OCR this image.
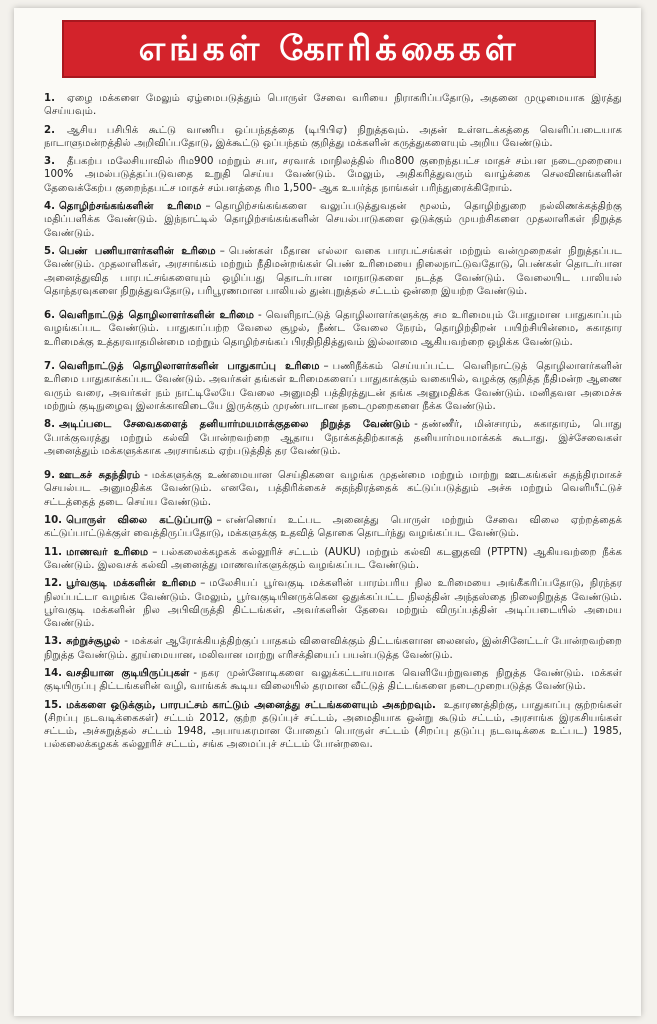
எங்கள் கோரிக்கைகள்
1. ஏழை மக்களை மேலும் ஏழ்மைபடுத்தும் பொருள் சேவை வரியை நிராகரிப்பதோடு, அதனை முழுமையாக இரத்து செய்யவும்.
2. ஆசிய பசிபிக் கூட்டு வாணிப ஒப்பந்தத்தை (டிபிபிஏ) நிறுத்தவும். அதன் உள்ளடக்கத்தை வெளிப்படையாக நாடாளுமன்றத்தில் அறிவிப்பதோடு, இக்கூட்டு ஒப்பந்தம் குறித்து மக்களின் கருத்துகளையும் அறிய வேண்டும்.
3. தீபகற்ப மலேசியாவில் ரிம900 மற்றும் சபா, சரவாக் மாநிலத்தில் ரிம800 குறைந்தபட்ச மாதச் சம்பள நடைமுறையை 100% அமல்படுத்தப்படுவதை உறுதி செய்ய வேண்டும். மேலும், அதிகரித்துவரும் வாழ்க்கை செலவினங்களின் தேவைக்கேற்ப குறைந்தபட்ச மாதச் சம்பளத்தை ரிம 1,500- ஆக உயர்த்த நாங்கள் பரிந்துரைக்கிறோம்.
4. தொழிற்சங்கங்களின் உரிமை – தொழிற்சங்கங்களை வலுப்படுத்துவதன் மூலம், தொழிற்துறை நல்லிணக்கத்திற்கு மதிப்பளிக்க வேண்டும். இந்நாட்டில் தொழிற்சங்கங்களின் செயல்பாடுகளை ஒடுக்கும் முயற்சிகளை முதலாளிகள் நிறுத்த வேண்டும்.
5. பெண் பணியாளர்களின் உரிமை – பெண்கள் மீதான எல்லா வகை பாரபட்சங்கள் மற்றும் வன்முறைகள் நிறுத்தப்பட வேண்டும். முதலாளிகள், அரசாங்கம் மற்றும் நீதிமன்றங்கள் பெண் உரிமையை நிலைநாட்டுவதோடு, பெண்கள் தொடர்பான அனைத்துவித பாரபட்சங்களையும் ஒழிப்பது தொடர்பான மாநாடுகளை நடத்த வேண்டும். வேலையிட பாலியல் தொந்தரவுகளை நிறுத்துவதோடு, பரிபூரணமான பாலியல் துன்புறுத்தல் சட்டம் ஒன்றை இயற்ற வேண்டும்.
6. வெளிநாட்டுத் தொழிலாளர்களின் உரிமை - வெளிநாட்டுத் தொழிலாளர்களுக்கு சம உரிமையும் போதுமான பாதுகாப்பும் வழங்கப்பட வேண்டும். பாதுகாப்பற்ற வேலை சூழல், நீண்ட வேலை நேரம், தொழிற்திறன் பயிற்சியின்மை, சுகாதார உரிமைக்கு உத்தரவாதமின்மை மற்றும் தொழிற்சங்கப் பிரதிநிதித்துவம் இல்லாமை ஆகியவற்றை ஒழிக்க வேண்டும்.
7. வெளிநாட்டுத் தொழிலாளர்களின் பாதுகாப்பு உரிமை – பணிநீக்கம் செய்யப்பட்ட வெளிநாட்டுத் தொழிலாளர்களின் உரிமை பாதுகாக்கப்பட வேண்டும். அவர்கள் தங்கள் உரிமைகளைப் பாதுகாக்கும் வகையில், வழக்கு குறித்த நீதிமன்ற ஆணை வரும் வரை, அவர்கள் நம் நாட்டிலேயே வேலை அனுமதி பத்திரத்துடன் தங்க அனுமதிக்க வேண்டும். மனிதவள அமைச்சு மற்றும் குடிநுழைவு இலாக்காவிடையே இருக்கும் முரண்பாடான நடைமுறைகளை நீக்க வேண்டும்.
8. அடிப்படை சேவைகளைத் தனியார்மயமாக்குதலை நிறுத்த வேண்டும் - தண்ணீர், மின்சாரம், சுகாதாரம், பொது போக்குவரத்து மற்றும் கல்வி போன்றவற்றை ஆதாய நோக்கத்திற்காகத் தனியார்மயமாக்கக் கூடாது. இச்சேவைகள் அனைத்தும் மக்களுக்காக அரசாங்கம் ஏற்படுத்தித் தர வேண்டும்.
9. ஊடகச் சுதந்திரம் - மக்களுக்கு உண்மையான செய்திகளை வழங்க முதன்மை மற்றும் மாற்று ஊடகங்கள் சுதந்திரமாகச் செயல்பட அனுமதிக்க வேண்டும். எனவே, பத்திரிக்கைச் சுதந்திரத்தைக் கட்டுப்படுத்தும் அச்சு மற்றும் வெளியீட்டுச் சட்டத்தைத் தடை செய்ய வேண்டும்.
10. பொருள் விலை கட்டுப்பாடு – எண்ணெய் உட்பட அனைத்து பொருள் மற்றும் சேவை விலை ஏற்றத்தைக் கட்டுப்பாட்டுக்குள் வைத்திருப்பதோடு, மக்களுக்கு உதவித் தொகை தொடர்ந்து வழங்கப்பட வேண்டும்.
11. மாணவர் உரிமை – பல்கலைக்கழகக் கல்லூரிச் சட்டம் (AUKU) மற்றும் கல்வி கடனுதவி (PTPTN) ஆகியவற்றை நீக்க வேண்டும். இலவசக் கல்வி அனைத்து மாணவர்களுக்கும் வழங்கப்பட வேண்டும்.
12. பூர்வகுடி மக்களின் உரிமை – மலேசியப் பூர்வகுடி மக்களின் பாரம்பரிய நில உரிமையை அங்கீகரிப்பதோடு, நிரந்தர நிலப்பட்டா வழங்க வேண்டும். மேலும், பூர்வகுடியினருக்கென ஒதுக்கப்பட்ட நிலத்தின் அந்தஸ்தை நிலைநிறுத்த வேண்டும். பூர்வகுடி மக்களின் நில அபிவிருத்தி திட்டங்கள், அவர்களின் தேவை மற்றும் விருப்பத்தின் அடிப்படையில் அமைய வேண்டும்.
13. சுற்றுச்சூழல் - மக்கள் ஆரோக்கியத்திற்குப் பாதகம் விளைவிக்கும் திட்டங்களான லைனஸ், இன்சினேட்டர் போன்றவற்றை நிறுத்த வேண்டும். தூய்மையான, மலிவான மாற்று எரிசக்தியைப் பயன்படுத்த வேண்டும்.
14. வசதியான குடியிருப்புகள் - நகர முன்னோடிகளை வலுக்கட்டாயமாக வெளியேற்றுவதை நிறுத்த வேண்டும். மக்கள் குடியிருப்பு திட்டங்களின் வழி, வாங்கக் கூடிய விலையில் தரமான வீட்டுத் திட்டங்களை நடைமுறைபடுத்த வேண்டும்.
15. மக்களை ஒடுக்கும், பாரபட்சம் காட்டும் அனைத்து சட்டங்களையும் அகற்றவும். உதாரணத்திற்கு, பாதுகாப்பு குற்றங்கள் (சிறப்பு நடவடிக்கைகள்) சட்டம் 2012, குற்ற தடுப்புச் சட்டம், அமைதியாக ஒன்று கூடும் சட்டம், அரசாங்க இரகசியங்கள் சட்டம், அச்சுறுத்தல் சட்டம் 1948, அபாயகரமான போதைப் பொருள் சட்டம் (சிறப்பு தடுப்பு நடவடிக்கை உட்பட) 1985, பல்கலைக்கழகக் கல்லூரிச் சட்டம், சங்க அமைப்புச் சட்டம் போன்றவை.
